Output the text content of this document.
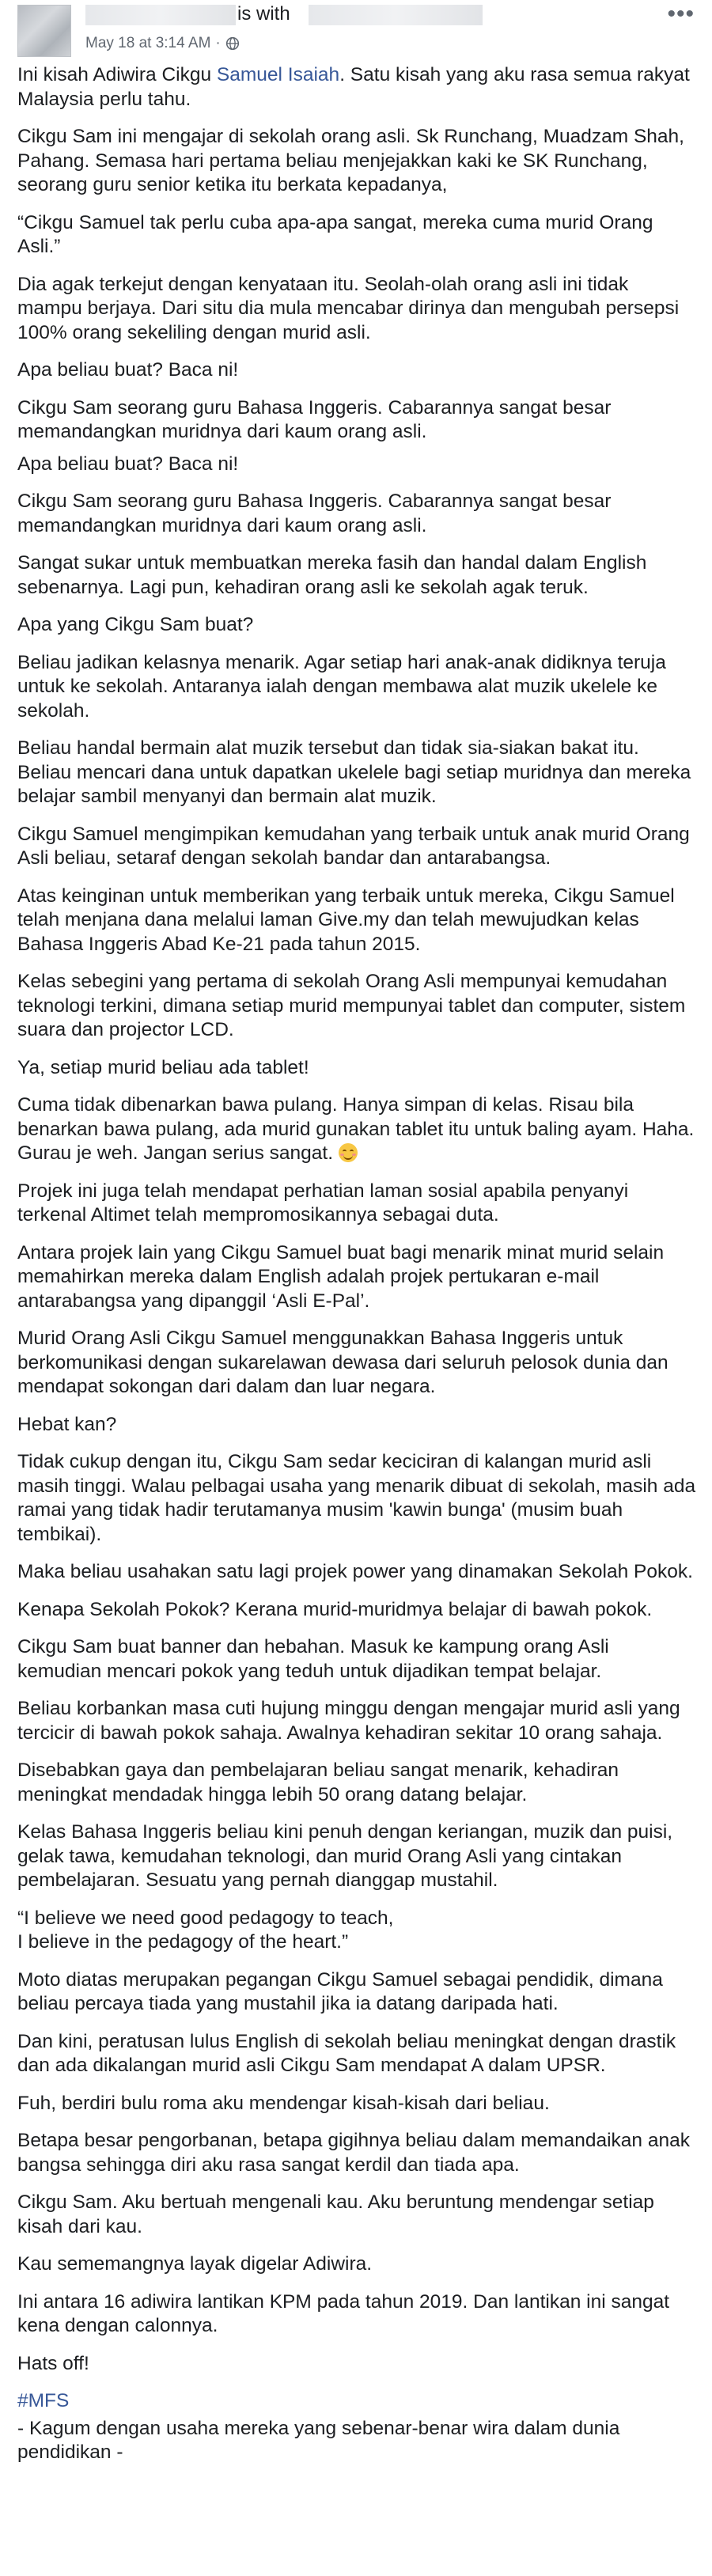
is with
May 18 at 3:14 AM ·
•••

Ini kisah Adiwira Cikgu Samuel Isaiah. Satu kisah yang aku rasa semua rakyat Malaysia perlu tahu.

Cikgu Sam ini mengajar di sekolah orang asli. Sk Runchang, Muadzam Shah, Pahang. Semasa hari pertama beliau menjejakkan kaki ke SK Runchang, seorang guru senior ketika itu berkata kepadanya,

“Cikgu Samuel tak perlu cuba apa-apa sangat, mereka cuma murid Orang Asli.”

Dia agak terkejut dengan kenyataan itu. Seolah-olah orang asli ini tidak mampu berjaya. Dari situ dia mula mencabar dirinya dan mengubah persepsi 100% orang sekeliling dengan murid asli.

Apa beliau buat? Baca ni!

Cikgu Sam seorang guru Bahasa Inggeris. Cabarannya sangat besar memandangkan muridnya dari kaum orang asli.

Apa beliau buat? Baca ni!

Cikgu Sam seorang guru Bahasa Inggeris. Cabarannya sangat besar memandangkan muridnya dari kaum orang asli.

Sangat sukar untuk membuatkan mereka fasih dan handal dalam English sebenarnya. Lagi pun, kehadiran orang asli ke sekolah agak teruk.

Apa yang Cikgu Sam buat?

Beliau jadikan kelasnya menarik. Agar setiap hari anak-anak didiknya teruja untuk ke sekolah. Antaranya ialah dengan membawa alat muzik ukelele ke sekolah.

Beliau handal bermain alat muzik tersebut dan tidak sia-siakan bakat itu. Beliau mencari dana untuk dapatkan ukelele bagi setiap muridnya dan mereka belajar sambil menyanyi dan bermain alat muzik.

Cikgu Samuel mengimpikan kemudahan yang terbaik untuk anak murid Orang Asli beliau, setaraf dengan sekolah bandar dan antarabangsa.

Atas keinginan untuk memberikan yang terbaik untuk mereka, Cikgu Samuel telah menjana dana melalui laman Give.my dan telah mewujudkan kelas Bahasa Inggeris Abad Ke-21 pada tahun 2015.

Kelas sebegini yang pertama di sekolah Orang Asli mempunyai kemudahan teknologi terkini, dimana setiap murid mempunyai tablet dan computer, sistem suara dan projector LCD.

Ya, setiap murid beliau ada tablet!

Cuma tidak dibenarkan bawa pulang. Hanya simpan di kelas. Risau bila benarkan bawa pulang, ada murid gunakan tablet itu untuk baling ayam. Haha. Gurau je weh. Jangan serius sangat.

Projek ini juga telah mendapat perhatian laman sosial apabila penyanyi terkenal Altimet telah mempromosikannya sebagai duta.

Antara projek lain yang Cikgu Samuel buat bagi menarik minat murid selain memahirkan mereka dalam English adalah projek pertukaran e-mail antarabangsa yang dipanggil ‘Asli E-Pal’.

Murid Orang Asli Cikgu Samuel menggunakkan Bahasa Inggeris untuk berkomunikasi dengan sukarelawan dewasa dari seluruh pelosok dunia dan mendapat sokongan dari dalam dan luar negara.

Hebat kan?

Tidak cukup dengan itu, Cikgu Sam sedar keciciran di kalangan murid asli masih tinggi. Walau pelbagai usaha yang menarik dibuat di sekolah, masih ada ramai yang tidak hadir terutamanya musim 'kawin bunga' (musim buah tembikai).

Maka beliau usahakan satu lagi projek power yang dinamakan Sekolah Pokok.

Kenapa Sekolah Pokok? Kerana murid-muridmya belajar di bawah pokok.

Cikgu Sam buat banner dan hebahan. Masuk ke kampung orang Asli kemudian mencari pokok yang teduh untuk dijadikan tempat belajar.

Beliau korbankan masa cuti hujung minggu dengan mengajar murid asli yang tercicir di bawah pokok sahaja. Awalnya kehadiran sekitar 10 orang sahaja.

Disebabkan gaya dan pembelajaran beliau sangat menarik, kehadiran meningkat mendadak hingga lebih 50 orang datang belajar.

Kelas Bahasa Inggeris beliau kini penuh dengan keriangan, muzik dan puisi, gelak tawa, kemudahan teknologi, dan murid Orang Asli yang cintakan pembelajaran. Sesuatu yang pernah dianggap mustahil.

“I believe we need good pedagogy to teach,
I believe in the pedagogy of the heart.”

Moto diatas merupakan pegangan Cikgu Samuel sebagai pendidik, dimana beliau percaya tiada yang mustahil jika ia datang daripada hati.

Dan kini, peratusan lulus English di sekolah beliau meningkat dengan drastik dan ada dikalangan murid asli Cikgu Sam mendapat A dalam UPSR.

Fuh, berdiri bulu roma aku mendengar kisah-kisah dari beliau.

Betapa besar pengorbanan, betapa gigihnya beliau dalam memandaikan anak bangsa sehingga diri aku rasa sangat kerdil dan tiada apa.

Cikgu Sam. Aku bertuah mengenali kau. Aku beruntung mendengar setiap kisah dari kau.

Kau sememangnya layak digelar Adiwira.

Ini antara 16 adiwira lantikan KPM pada tahun 2019. Dan lantikan ini sangat kena dengan calonnya.

Hats off!

#MFS

- Kagum dengan usaha mereka yang sebenar-benar wira dalam dunia pendidikan -
